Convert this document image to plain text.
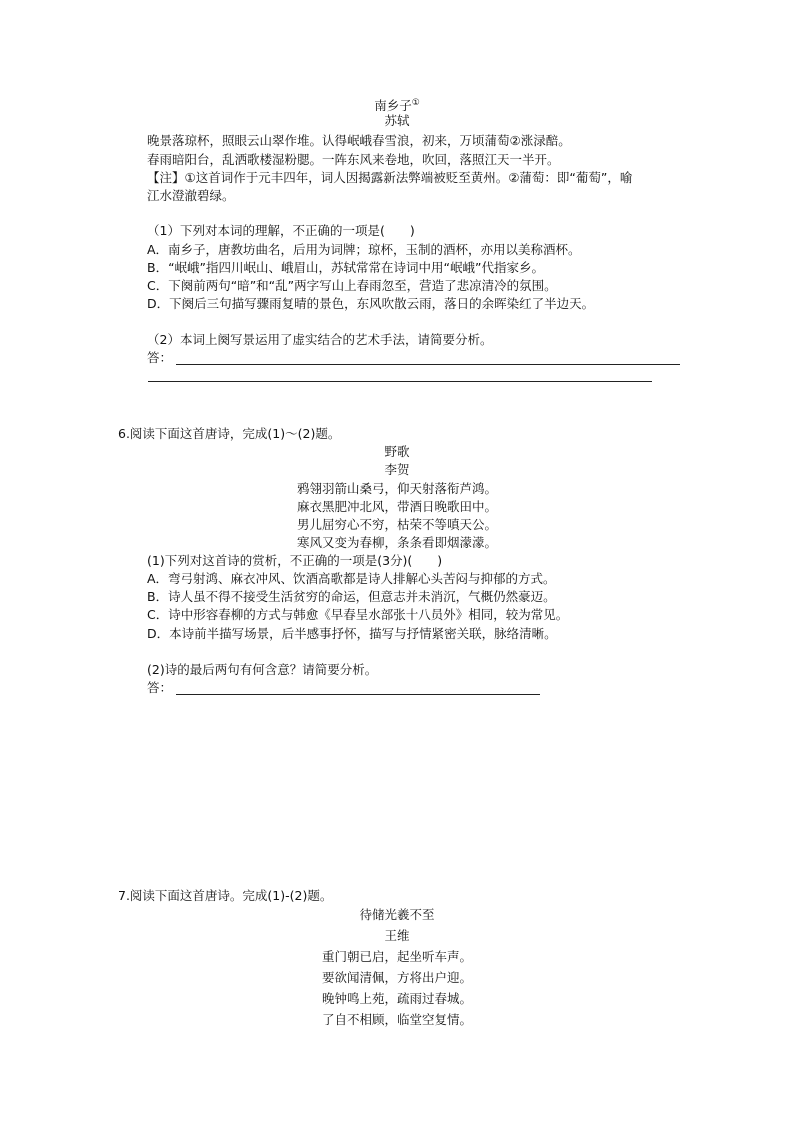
南乡子①
苏轼
晚景落琼杯，照眼云山翠作堆。认得岷峨春雪浪，初来，万顷蒲萄②涨渌醅。
春雨暗阳台，乱洒歌楼湿粉腮。一阵东风来卷地，吹回，落照江天一半开。
【注】①这首词作于元丰四年，词人因揭露新法弊端被贬至黄州。②蒲萄：即“葡萄”，喻
江水澄澈碧绿。
（1）下列对本词的理解，不正确的一项是(　　)
A．南乡子，唐教坊曲名，后用为词牌；琼杯，玉制的酒杯，亦用以美称酒杯。
B．“岷峨”指四川岷山、峨眉山，苏轼常常在诗词中用“岷峨”代指家乡。
C．下阕前两句“暗”和“乱”两字写山上春雨忽至，营造了悲凉清冷的氛围。
D．下阕后三句描写骤雨复晴的景色，东风吹散云雨，落日的余晖染红了半边天。
（2）本词上阕写景运用了虚实结合的艺术手法，请简要分析。
答：
6.阅读下面这首唐诗，完成(1)～(2)题。
野歌
李贺
鸦翎羽箭山桑弓，仰天射落衔芦鸿。
麻衣黑肥冲北风，带酒日晚歌田中。
男儿屈穷心不穷，枯荣不等嗔天公。
寒风又变为春柳，条条看即烟濛濛。
(1)下列对这首诗的赏析，不正确的一项是(3分)(　　)
A．弯弓射鸿、麻衣冲风、饮酒高歌都是诗人排解心头苦闷与抑郁的方式。
B．诗人虽不得不接受生活贫穷的命运，但意志并未消沉，气概仍然豪迈。
C．诗中形容春柳的方式与韩愈《早春呈水部张十八员外》相同，较为常见。
D．本诗前半描写场景，后半感事抒怀，描写与抒情紧密关联，脉络清晰。
(2)诗的最后两句有何含意？请简要分析。
答：
7.阅读下面这首唐诗。完成(1)-(2)题。
待储光羲不至
王维
重门朝已启，起坐听车声。
要欲闻清佩，方将出户迎。
晚钟鸣上苑，疏雨过春城。
了自不相顾，临堂空复情。
